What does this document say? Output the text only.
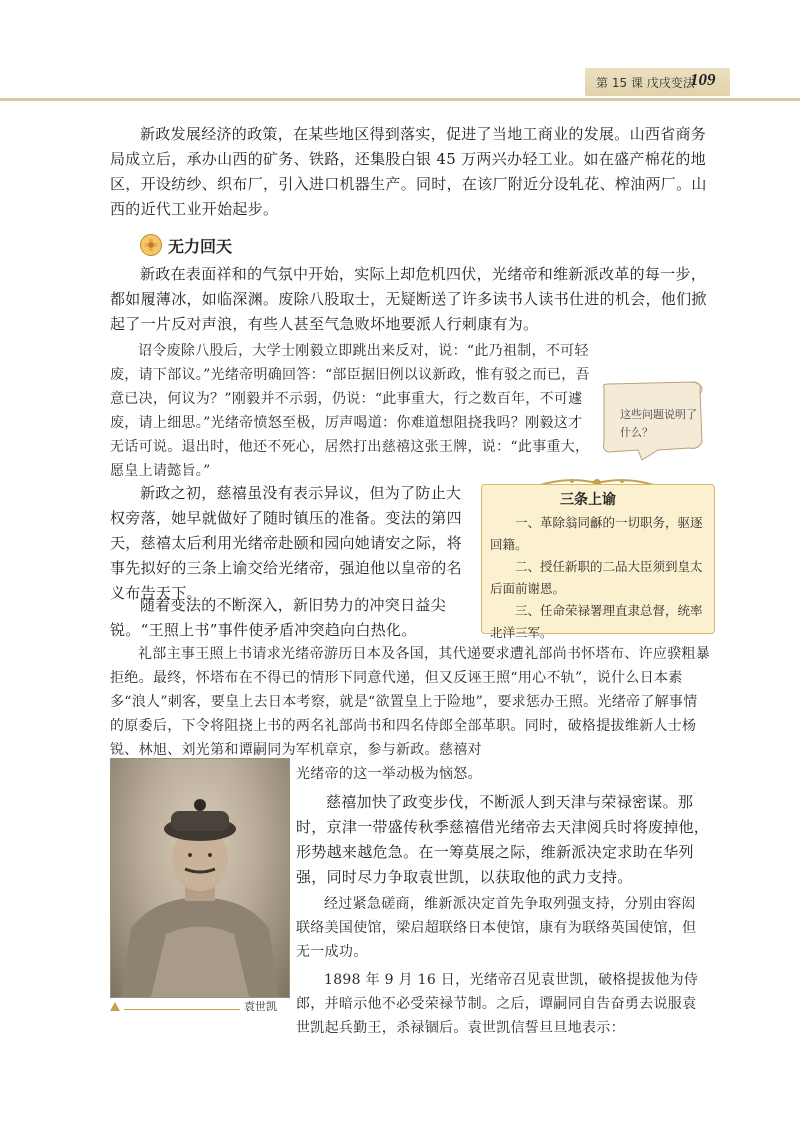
第 15 课 戊戌变法
109

新政发展经济的政策，在某些地区得到落实，促进了当地工商业的发展。山西省商务局成立后，承办山西的矿务、铁路，还集股白银 45 万两兴办轻工业。如在盛产棉花的地区，开设纺纱、织布厂，引入进口机器生产。同时，在该厂附近分设轧花、榨油两厂。山西的近代工业开始起步。

无力回天

新政在表面祥和的气氛中开始，实际上却危机四伏，光绪帝和维新派改革的每一步，都如履薄冰，如临深渊。废除八股取士，无疑断送了许多读书人读书仕进的机会，他们掀起了一片反对声浪，有些人甚至气急败坏地要派人行刺康有为。

诏令废除八股后，大学士刚毅立即跳出来反对，说：“此乃祖制，不可轻废，请下部议。”光绪帝明确回答：“部臣据旧例以议新政，惟有驳之而已，吾意已决，何议为？”刚毅并不示弱，仍说：“此事重大，行之数百年，不可遽废，请上细思。”光绪帝愤怒至极，厉声喝道：你难道想阻挠我吗？刚毅这才无话可说。退出时，他还不死心，居然打出慈禧这张王牌，说：“此事重大，愿皇上请懿旨。”

这些问题说明了什么？

新政之初，慈禧虽没有表示异议，但为了防止大权旁落，她早就做好了随时镇压的准备。变法的第四天，慈禧太后利用光绪帝赴颐和园向她请安之际，将事先拟好的三条上谕交给光绪帝，强迫他以皇帝的名义布告天下。

三条上谕
一、革除翁同龢的一切职务，驱逐回籍。
二、授任新职的二品大臣须到皇太后面前谢恩。
三、任命荣禄署理直隶总督，统率北洋三军。

随着变法的不断深入，新旧势力的冲突日益尖锐。“王照上书”事件使矛盾冲突趋向白热化。

礼部主事王照上书请求光绪帝游历日本及各国，其代递要求遭礼部尚书怀塔布、许应骙粗暴拒绝。最终，怀塔布在不得已的情形下同意代递，但又反诬王照“用心不轨”，说什么日本素多“浪人”刺客，要皇上去日本考察，就是“欲置皇上于险地”，要求惩办王照。光绪帝了解事情的原委后，下令将阻挠上书的两名礼部尚书和四名侍郎全部革职。同时，破格提拔维新人士杨锐、林旭、刘光第和谭嗣同为军机章京，参与新政。慈禧对

光绪帝的这一举动极为恼怒。

袁世凯

慈禧加快了政变步伐，不断派人到天津与荣禄密谋。那时，京津一带盛传秋季慈禧借光绪帝去天津阅兵时将废掉他，形势越来越危急。在一筹莫展之际，维新派决定求助在华列强，同时尽力争取袁世凯，以获取他的武力支持。

经过紧急磋商，维新派决定首先争取列强支持，分别由容闳联络美国使馆，梁启超联络日本使馆，康有为联络英国使馆，但无一成功。

1898 年 9 月 16 日，光绪帝召见袁世凯，破格提拔他为侍郎，并暗示他不必受荣禄节制。之后，谭嗣同自告奋勇去说服袁世凯起兵勤王，杀禄锢后。袁世凯信誓旦旦地表示：
